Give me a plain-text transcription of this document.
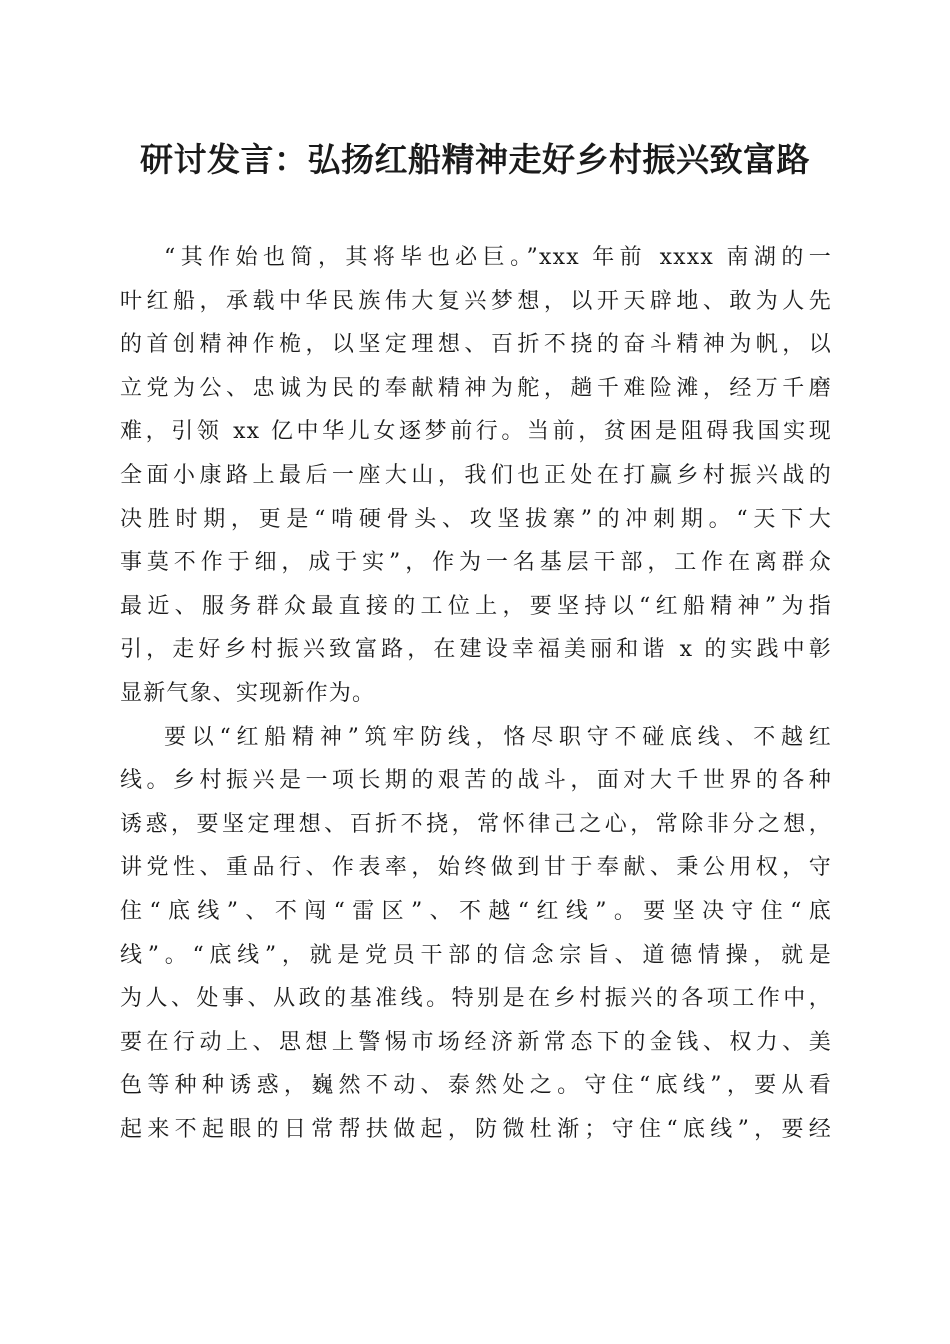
研讨发言：弘扬红船精神走好乡村振兴致富路

“其作始也简，其将毕也必巨。”xxx 年前 xxxx 南湖的一
叶红船，承载中华民族伟大复兴梦想，以开天辟地、敢为人先
的首创精神作桅，以坚定理想、百折不挠的奋斗精神为帆，以
立党为公、忠诚为民的奉献精神为舵，趟千难险滩，经万千磨
难，引领 xx 亿中华儿女逐梦前行。当前，贫困是阻碍我国实现
全面小康路上最后一座大山，我们也正处在打赢乡村振兴战的
决胜时期，更是“啃硬骨头、攻坚拔寨”的冲刺期。“天下大
事莫不作于细，成于实”，作为一名基层干部，工作在离群众
最近、服务群众最直接的工位上，要坚持以“红船精神”为指
引，走好乡村振兴致富路，在建设幸福美丽和谐 x 的实践中彰
显新气象、实现新作为。

要以“红船精神”筑牢防线，恪尽职守不碰底线、不越红
线。乡村振兴是一项长期的艰苦的战斗，面对大千世界的各种
诱惑，要坚定理想、百折不挠，常怀律己之心，常除非分之想，
讲党性、重品行、作表率，始终做到甘于奉献、秉公用权，守
住“底线”、不闯“雷区”、不越“红线”。要坚决守住“底
线”。“底线”，就是党员干部的信念宗旨、道德情操，就是
为人、处事、从政的基准线。特别是在乡村振兴的各项工作中，
要在行动上、思想上警惕市场经济新常态下的金钱、权力、美
色等种种诱惑，巍然不动、泰然处之。守住“底线”，要从看
起来不起眼的日常帮扶做起，防微杜渐；守住“底线”，要经
